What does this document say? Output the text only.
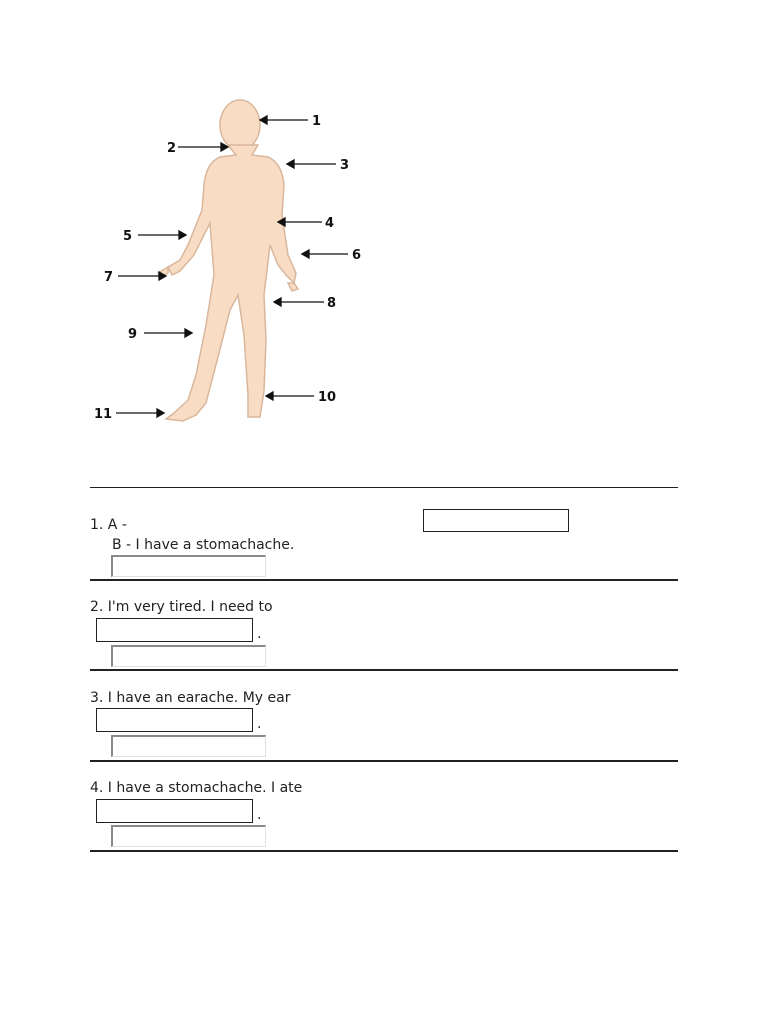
1
2
3
4
5
6
7
8
9
10
11
1. A -
B - I have a stomachache.
2. I'm very tired. I need to
.
3. I have an earache. My ear
.
4. I have a stomachache. I ate
.
